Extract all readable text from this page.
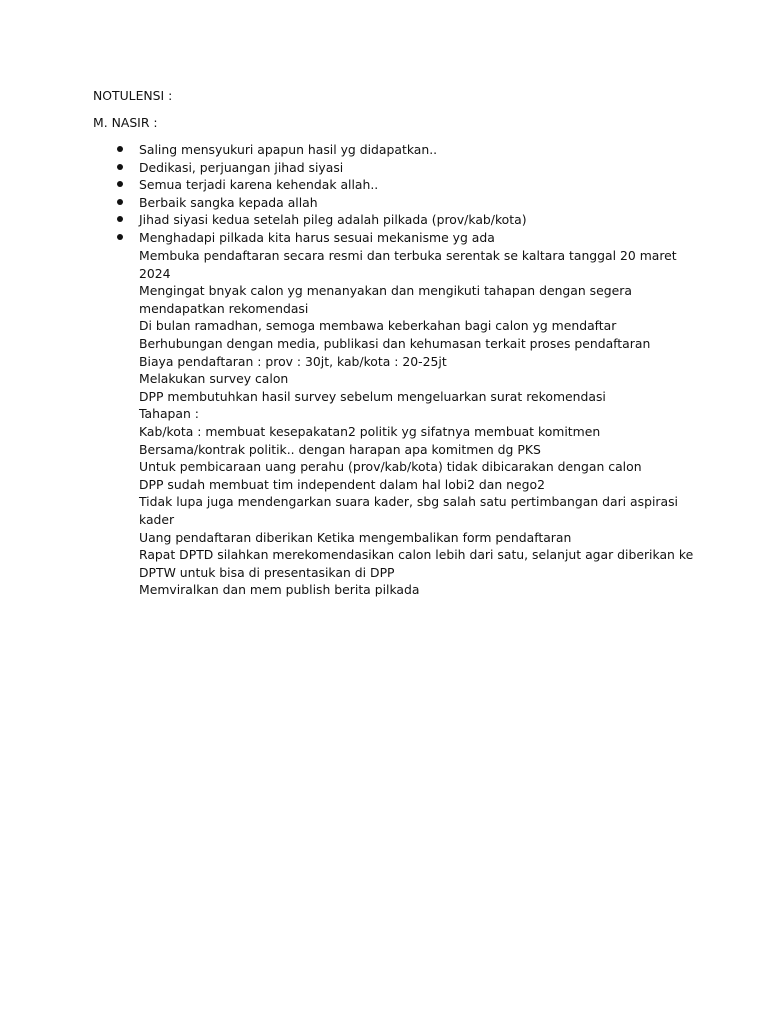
NOTULENSI :
M. NASIR :
Saling mensyukuri apapun hasil yg didapatkan..
Dedikasi, perjuangan jihad siyasi
Semua terjadi karena kehendak allah..
Berbaik sangka kepada allah
Jihad siyasi kedua setelah pileg adalah pilkada (prov/kab/kota)
Menghadapi pilkada kita harus sesuai mekanisme yg ada

Membuka pendaftaran secara resmi dan terbuka serentak se kaltara tanggal 20 maret 2024

Mengingat bnyak calon yg menanyakan dan mengikuti tahapan dengan segera mendapatkan rekomendasi

Di bulan ramadhan, semoga membawa keberkahan bagi calon yg mendaftar

Berhubungan dengan media, publikasi dan kehumasan terkait proses pendaftaran

Biaya pendaftaran : prov : 30jt, kab/kota : 20-25jt

Melakukan survey calon

DPP membutuhkan hasil survey sebelum mengeluarkan surat rekomendasi

Tahapan :

Kab/kota : membuat kesepakatan2 politik yg sifatnya membuat komitmen Bersama/kontrak politik.. dengan harapan apa komitmen dg PKS

Untuk pembicaraan uang perahu (prov/kab/kota) tidak dibicarakan dengan calon

DPP sudah membuat tim independent dalam hal lobi2 dan nego2

Tidak lupa juga mendengarkan suara kader, sbg salah satu pertimbangan dari aspirasi kader

Uang pendaftaran diberikan Ketika mengembalikan form pendaftaran

Rapat DPTD silahkan merekomendasikan calon lebih dari satu, selanjut agar diberikan ke DPTW untuk bisa di presentasikan di DPP

Memviralkan dan mem publish berita pilkada
